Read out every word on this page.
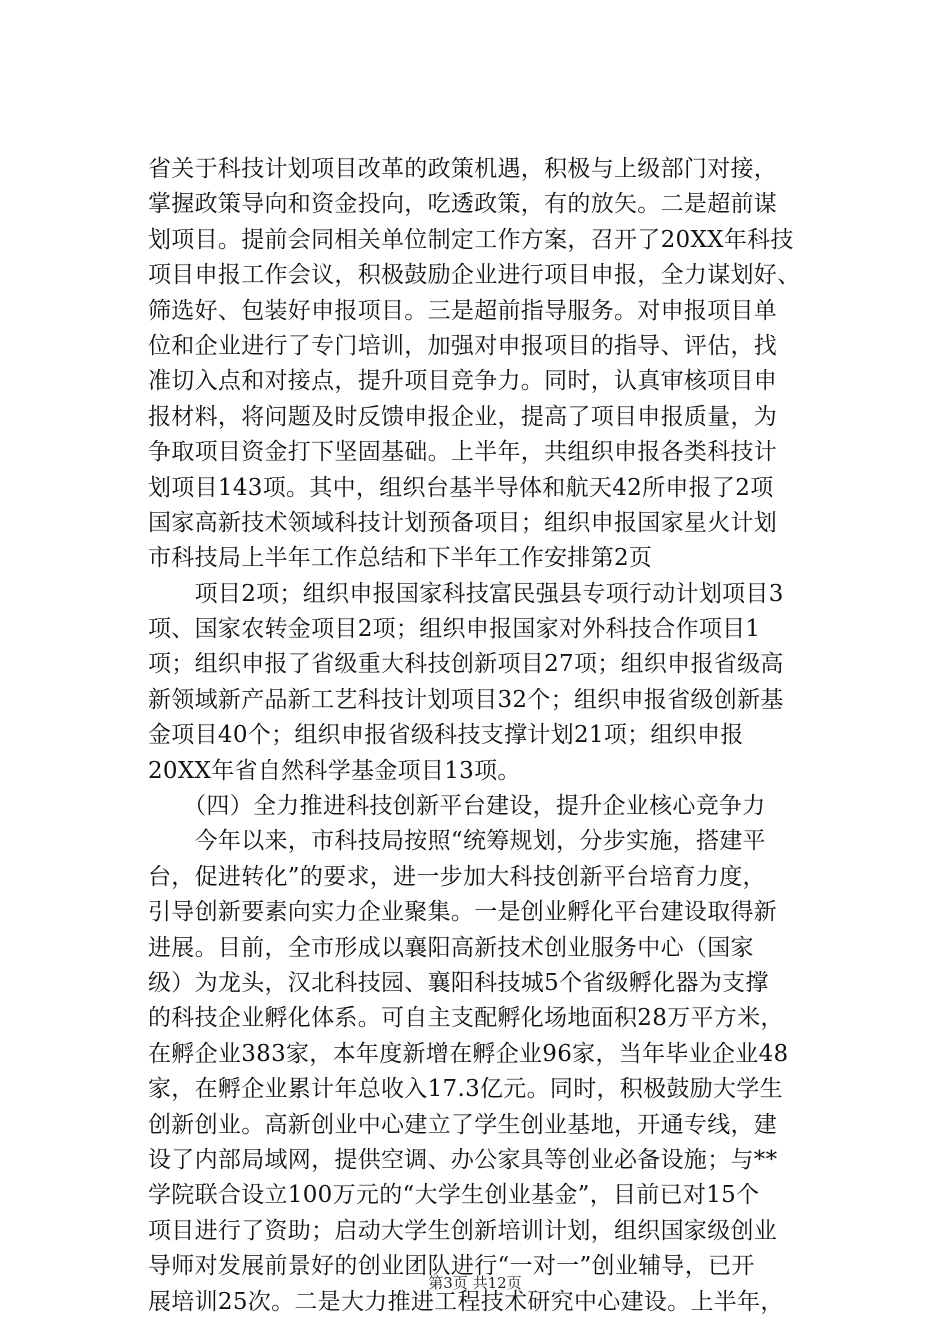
省关于科技计划项目改革的政策机遇，积极与上级部门对接，
掌握政策导向和资金投向，吃透政策，有的放矢。二是超前谋
划项目。提前会同相关单位制定工作方案，召开了20XX年科技
项目申报工作会议，积极鼓励企业进行项目申报，全力谋划好、
筛选好、包装好申报项目。三是超前指导服务。对申报项目单
位和企业进行了专门培训，加强对申报项目的指导、评估，找
准切入点和对接点，提升项目竞争力。同时，认真审核项目申
报材料，将问题及时反馈申报企业，提高了项目申报质量，为
争取项目资金打下坚固基础。上半年，共组织申报各类科技计
划项目143项。其中，组织台基半导体和航天42所申报了2项
国家高新技术领域科技计划预备项目；组织申报国家星火计划
市科技局上半年工作总结和下半年工作安排第2页
　　项目2项；组织申报国家科技富民强县专项行动计划项目3
项、国家农转金项目2项；组织申报国家对外科技合作项目1
项；组织申报了省级重大科技创新项目27项；组织申报省级高
新领域新产品新工艺科技计划项目32个；组织申报省级创新基
金项目40个；组织申报省级科技支撑计划21项；组织申报
20XX年省自然科学基金项目13项。
　　（四）全力推进科技创新平台建设，提升企业核心竞争力
　　今年以来，市科技局按照“统筹规划，分步实施，搭建平
台，促进转化”的要求，进一步加大科技创新平台培育力度，
引导创新要素向实力企业聚集。一是创业孵化平台建设取得新
进展。目前，全市形成以襄阳高新技术创业服务中心（国家
级）为龙头，汉北科技园、襄阳科技城5个省级孵化器为支撑
的科技企业孵化体系。可自主支配孵化场地面积28万平方米，
在孵企业383家，本年度新增在孵企业96家，当年毕业企业48
家，在孵企业累计年总收入17.3亿元。同时，积极鼓励大学生
创新创业。高新创业中心建立了学生创业基地，开通专线，建
设了内部局域网，提供空调、办公家具等创业必备设施；与**
学院联合设立100万元的“大学生创业基金”，目前已对15个
项目进行了资助；启动大学生创新培训计划，组织国家级创业
导师对发展前景好的创业团队进行“一对一”创业辅导，已开
展培训25次。二是大力推进工程技术研究中心建设。上半年，
第3页 共12页
